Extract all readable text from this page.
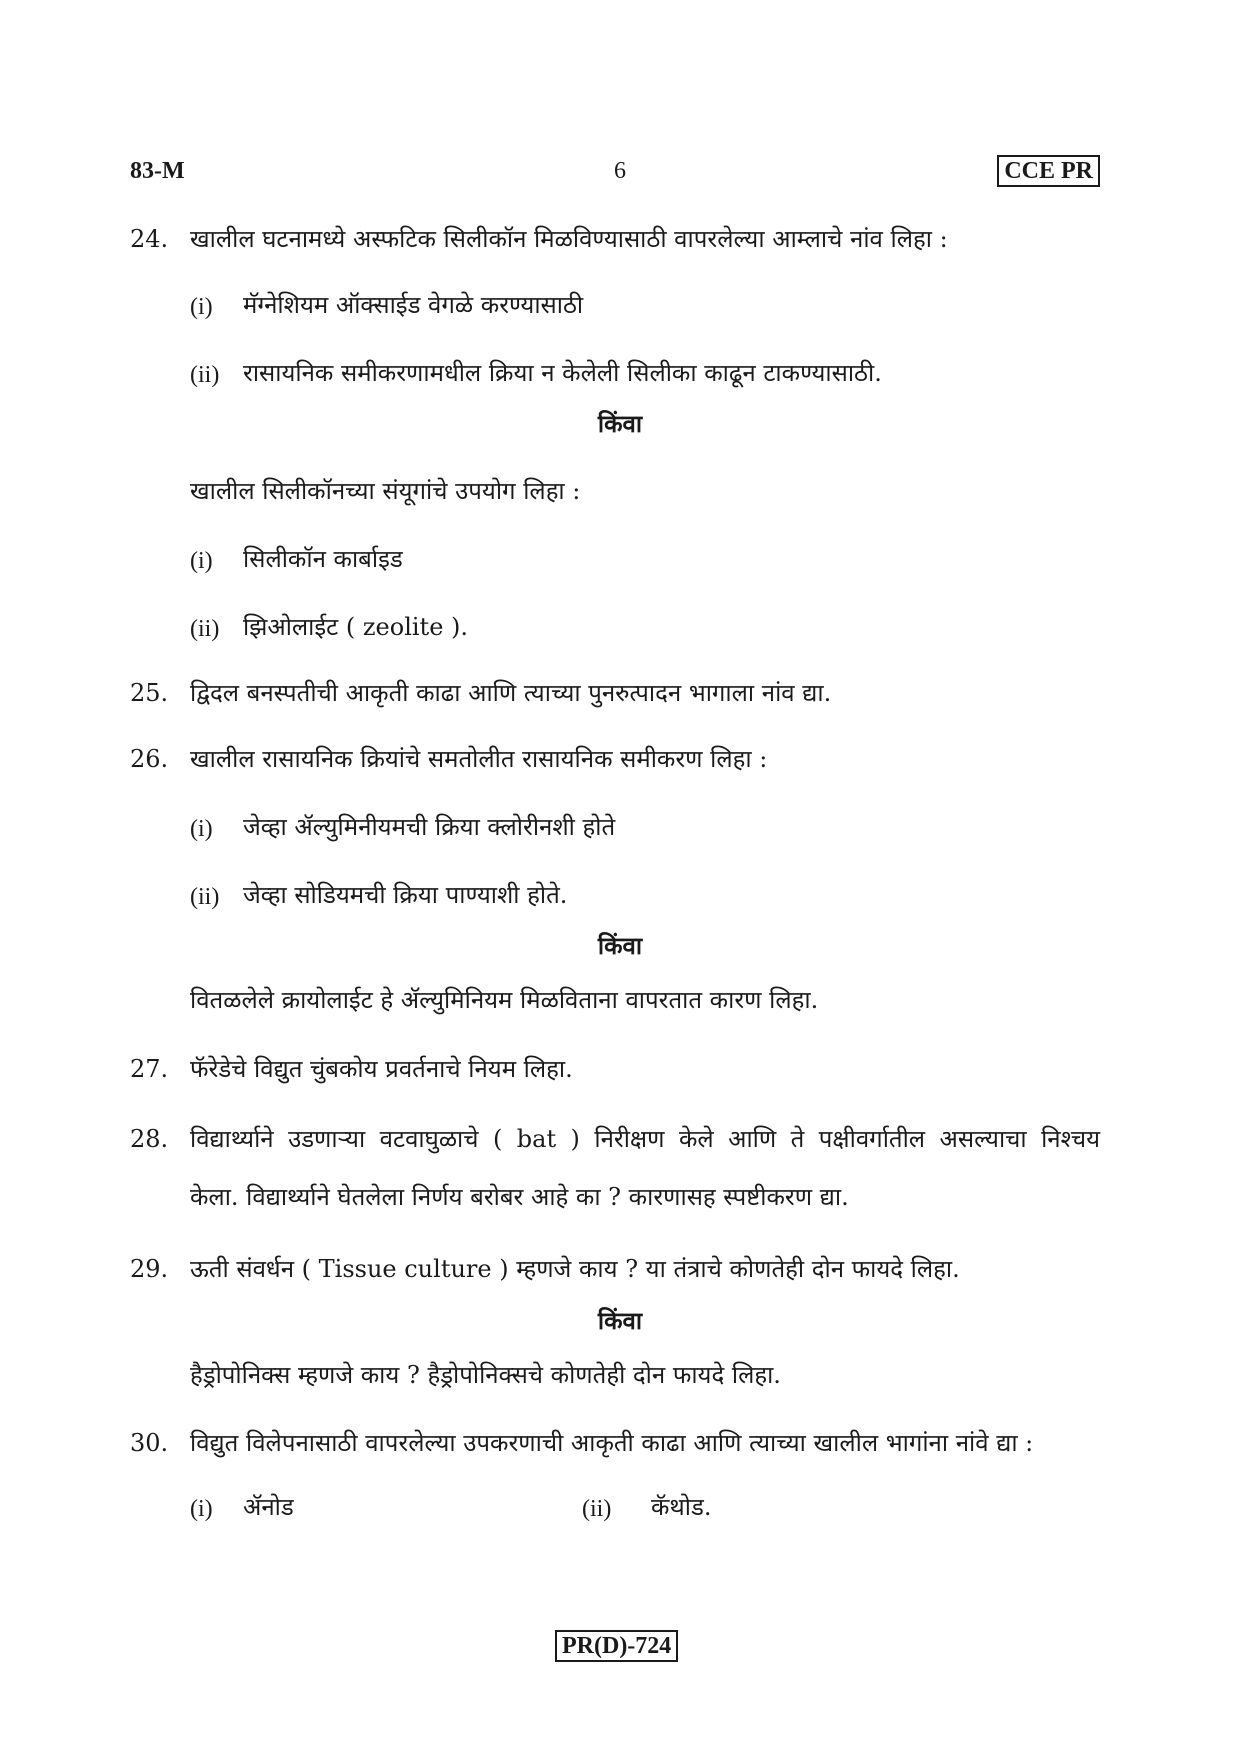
83-M	6	CCE PR
24. खालील घटनामध्ये अस्फटिक सिलीकॉन मिळविण्यासाठी वापरलेल्या आम्लाचे नांव लिहा :
(i) मॅग्नेशियम ऑक्साईड वेगळे करण्यासाठी
(ii) रासायनिक समीकरणामधील क्रिया न केलेली सिलीका काढून टाकण्यासाठी.
किंवा
खालील सिलीकॉनच्या संयूगांचे उपयोग लिहा :
(i) सिलीकॉन कार्बाइड
(ii) झिओलाईट ( zeolite ).
25. द्विदल बनस्पतीची आकृती काढा आणि त्याच्या पुनरुत्पादन भागाला नांव द्या.
26. खालील रासायनिक क्रियांचे समतोलीत रासायनिक समीकरण लिहा :
(i) जेव्हा ॲल्युमिनीयमची क्रिया क्लोरीनशी होते
(ii) जेव्हा सोडियमची क्रिया पाण्याशी होते.
किंवा
वितळलेले क्रायोलाईट हे ॲल्युमिनियम मिळविताना वापरतात कारण लिहा.
27. फॅरेडेचे विद्युत चुंबकोय प्रवर्तनाचे नियम लिहा.
28. विद्यार्थ्याने उडणाऱ्या वटवाघुळाचे ( bat ) निरीक्षण केले आणि ते पक्षीवर्गातील असल्याचा निश्चय
केला. विद्यार्थ्याने घेतलेला निर्णय बरोबर आहे का ? कारणासह स्पष्टीकरण द्या.
29. ऊती संवर्धन ( Tissue culture ) म्हणजे काय ? या तंत्राचे कोणतेही दोन फायदे लिहा.
किंवा
हैड्रोपोनिक्स म्हणजे काय ? हैड्रोपोनिक्सचे कोणतेही दोन फायदे लिहा.
30. विद्युत विलेपनासाठी वापरलेल्या उपकरणाची आकृती काढा आणि त्याच्या खालील भागांना नांवे द्या :
(i) ॲनोड	(ii) कॅथोड.
PR(D)-724
